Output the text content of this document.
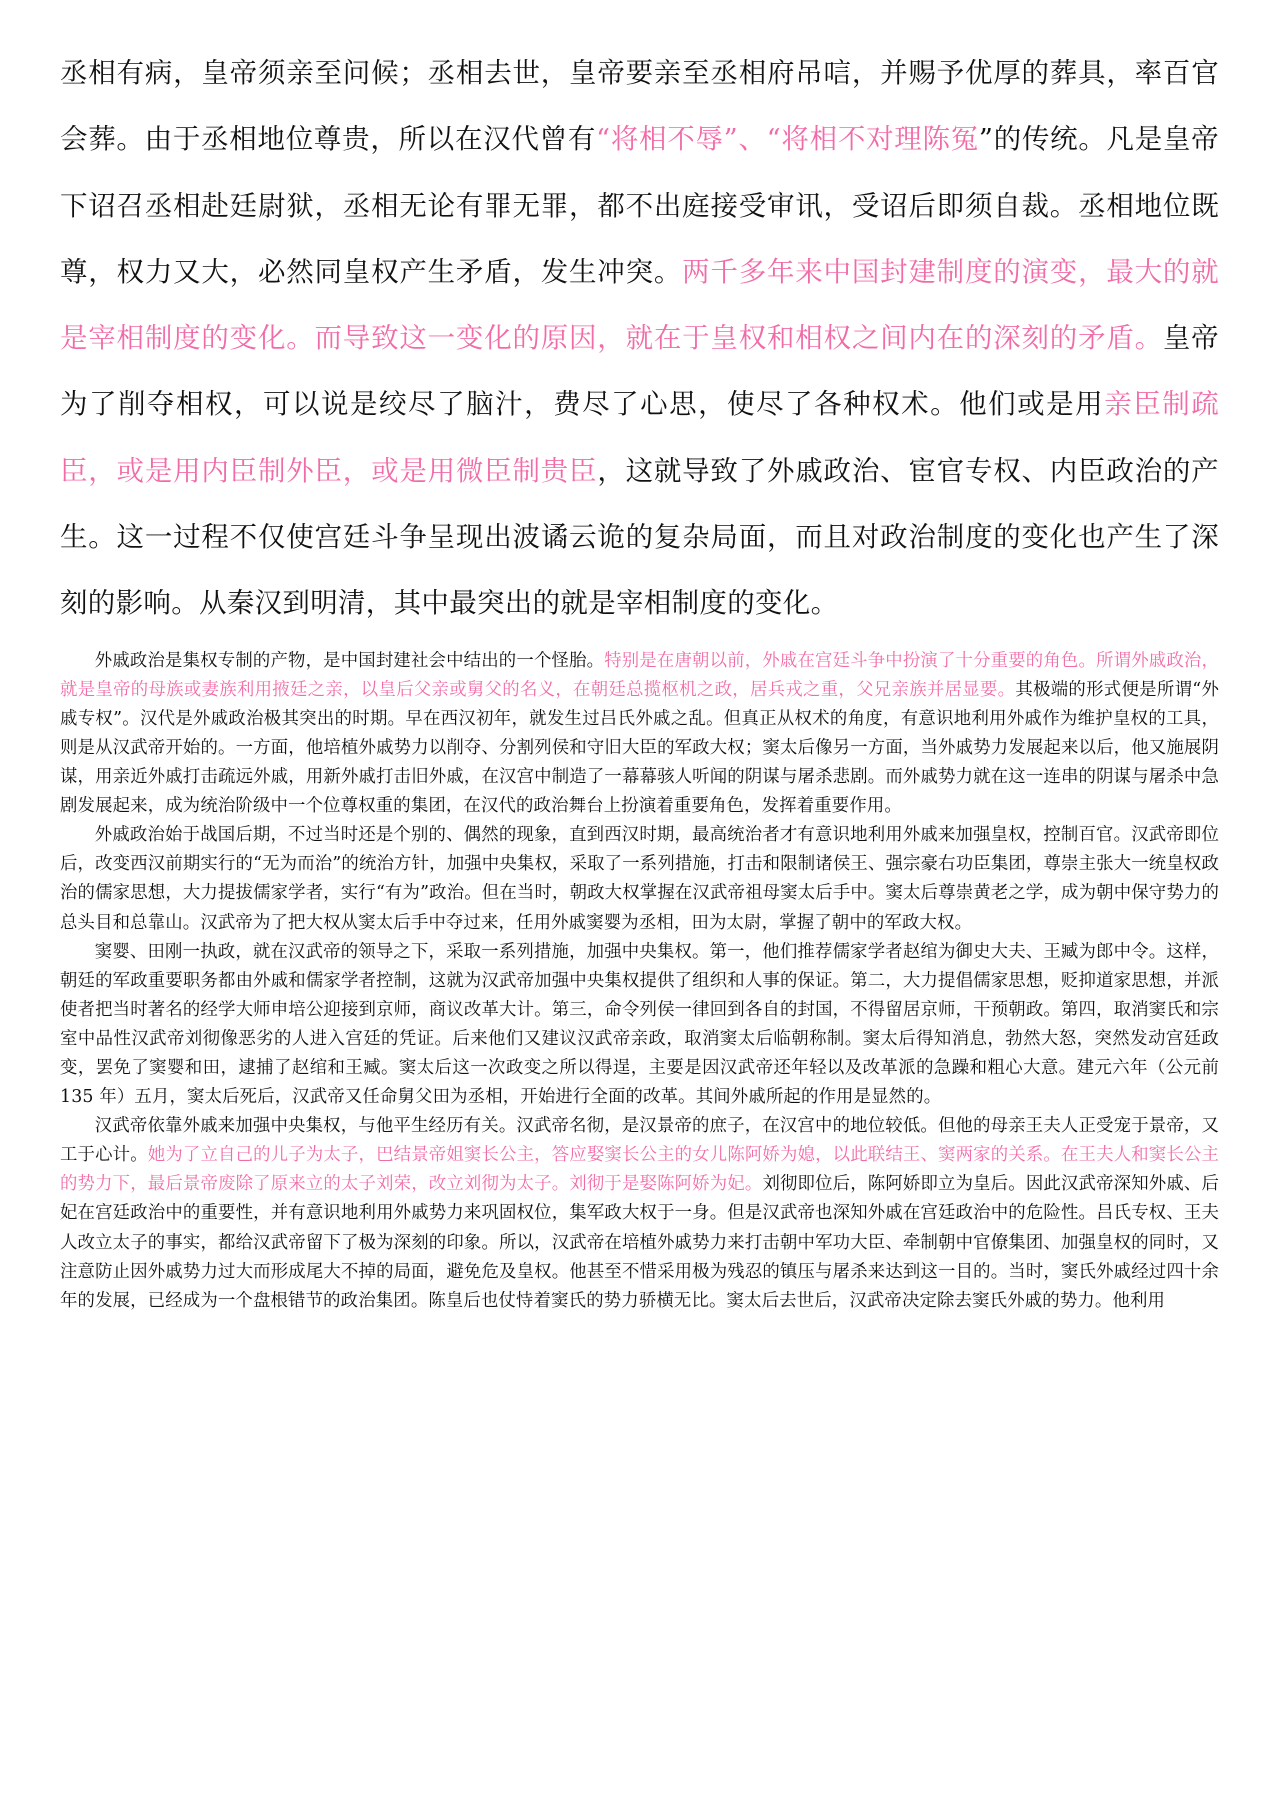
丞相有病，皇帝须亲至问候；丞相去世，皇帝要亲至丞相府吊唁，并赐予优厚的葬具，率百官会葬。由于丞相地位尊贵，所以在汉代曾有“将相不辱”、“将相不对理陈冤”的传统。凡是皇帝下诏召丞相赴廷尉狱，丞相无论有罪无罪，都不出庭接受审讯，受诏后即须自裁。丞相地位既尊，权力又大，必然同皇权产生矛盾，发生冲突。两千多年来中国封建制度的演变，最大的就是宰相制度的变化。而导致这一变化的原因，就在于皇权和相权之间内在的深刻的矛盾。皇帝为了削夺相权，可以说是绞尽了脑汁，费尽了心思，使尽了各种权术。他们或是用亲臣制疏臣，或是用内臣制外臣，或是用微臣制贵臣，这就导致了外戚政治、宦官专权、内臣政治的产生。这一过程不仅使宫廷斗争呈现出波谲云诡的复杂局面，而且对政治制度的变化也产生了深刻的影响。从秦汉到明清，其中最突出的就是宰相制度的变化。

外戚政治是集权专制的产物，是中国封建社会中结出的一个怪胎。特别是在唐朝以前，外戚在宫廷斗争中扮演了十分重要的角色。所谓外戚政治，就是皇帝的母族或妻族利用掖廷之亲，以皇后父亲或舅父的名义，在朝廷总揽枢机之政，居兵戎之重，父兄亲族并居显要。其极端的形式便是所谓“外戚专权”。汉代是外戚政治极其突出的时期。早在西汉初年，就发生过吕氏外戚之乱。但真正从权术的角度，有意识地利用外戚作为维护皇权的工具，则是从汉武帝开始的。一方面，他培植外戚势力以削夺、分割列侯和守旧大臣的军政大权；窦太后像另一方面，当外戚势力发展起来以后，他又施展阴谋，用亲近外戚打击疏远外戚，用新外戚打击旧外戚，在汉宫中制造了一幕幕骇人听闻的阴谋与屠杀悲剧。而外戚势力就在这一连串的阴谋与屠杀中急剧发展起来，成为统治阶级中一个位尊权重的集团，在汉代的政治舞台上扮演着重要角色，发挥着重要作用。

外戚政治始于战国后期，不过当时还是个别的、偶然的现象，直到西汉时期，最高统治者才有意识地利用外戚来加强皇权，控制百官。汉武帝即位后，改变西汉前期实行的“无为而治”的统治方针，加强中央集权，采取了一系列措施，打击和限制诸侯王、强宗豪右功臣集团，尊崇主张大一统皇权政治的儒家思想，大力提拔儒家学者，实行“有为”政治。但在当时，朝政大权掌握在汉武帝祖母窦太后手中。窦太后尊崇黄老之学，成为朝中保守势力的总头目和总靠山。汉武帝为了把大权从窦太后手中夺过来，任用外戚窦婴为丞相，田为太尉，掌握了朝中的军政大权。

窦婴、田刚一执政，就在汉武帝的领导之下，采取一系列措施，加强中央集权。第一，他们推荐儒家学者赵绾为御史大夫、王臧为郎中令。这样，朝廷的军政重要职务都由外戚和儒家学者控制，这就为汉武帝加强中央集权提供了组织和人事的保证。第二，大力提倡儒家思想，贬抑道家思想，并派使者把当时著名的经学大师申培公迎接到京师，商议改革大计。第三，命令列侯一律回到各自的封国，不得留居京师，干预朝政。第四，取消窦氏和宗室中品性汉武帝刘彻像恶劣的人进入宫廷的凭证。后来他们又建议汉武帝亲政，取消窦太后临朝称制。窦太后得知消息，勃然大怒，突然发动宫廷政变，罢免了窦婴和田，逮捕了赵绾和王臧。窦太后这一次政变之所以得逞，主要是因汉武帝还年轻以及改革派的急躁和粗心大意。建元六年（公元前 135 年）五月，窦太后死后，汉武帝又任命舅父田为丞相，开始进行全面的改革。其间外戚所起的作用是显然的。

汉武帝依靠外戚来加强中央集权，与他平生经历有关。汉武帝名彻，是汉景帝的庶子，在汉宫中的地位较低。但他的母亲王夫人正受宠于景帝，又工于心计。她为了立自己的儿子为太子，巴结景帝姐窦长公主，答应娶窦长公主的女儿陈阿娇为媳，以此联结王、窦两家的关系。在王夫人和窦长公主的势力下，最后景帝废除了原来立的太子刘荣，改立刘彻为太子。刘彻于是娶陈阿娇为妃。刘彻即位后，陈阿娇即立为皇后。因此汉武帝深知外戚、后妃在宫廷政治中的重要性，并有意识地利用外戚势力来巩固权位，集军政大权于一身。但是汉武帝也深知外戚在宫廷政治中的危险性。吕氏专权、王夫人改立太子的事实，都给汉武帝留下了极为深刻的印象。所以，汉武帝在培植外戚势力来打击朝中军功大臣、牵制朝中官僚集团、加强皇权的同时，又注意防止因外戚势力过大而形成尾大不掉的局面，避免危及皇权。他甚至不惜采用极为残忍的镇压与屠杀来达到这一目的。当时，窦氏外戚经过四十余年的发展，已经成为一个盘根错节的政治集团。陈皇后也仗恃着窦氏的势力骄横无比。窦太后去世后，汉武帝决定除去窦氏外戚的势力。他利用
